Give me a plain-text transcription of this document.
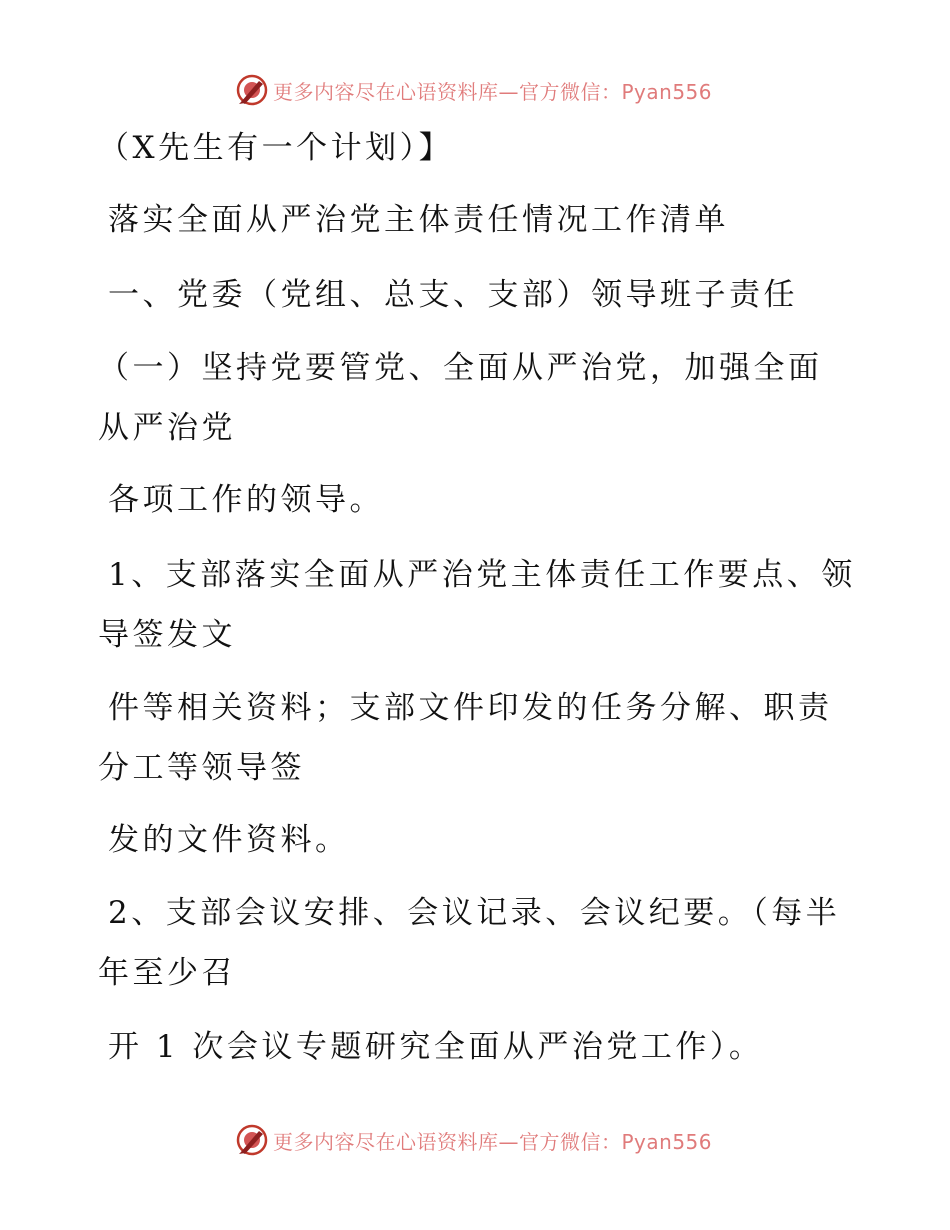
更多内容尽在心语资料库—官方微信：Pyan556
（X先生有一个计划）】
落实全面从严治党主体责任情况工作清单
一、党委（党组、总支、支部）领导班子责任
（一）坚持党要管党、全面从严治党，加强全面
从严治党
各项工作的领导。
1、支部落实全面从严治党主体责任工作要点、领
导签发文
件等相关资料；支部文件印发的任务分解、职责
分工等领导签
发的文件资料。
2、支部会议安排、会议记录、会议纪要。（每半
年至少召
开 1 次会议专题研究全面从严治党工作）。
更多内容尽在心语资料库—官方微信：Pyan556
